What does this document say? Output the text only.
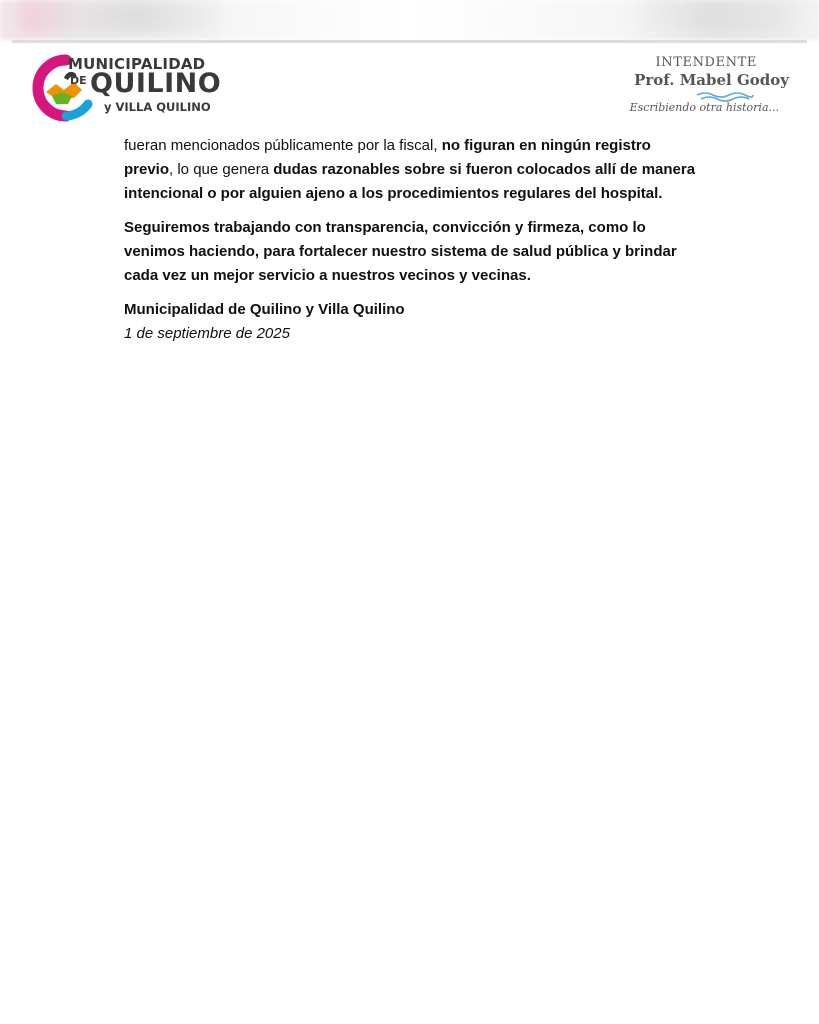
MUNICIPALIDAD
DE QUILINO
y VILLA QUILINO
INTENDENTE
Prof. Mabel Godoy
Escribiendo otra historia...

fueran mencionados públicamente por la fiscal, no figuran en ningún registro previo, lo que genera dudas razonables sobre si fueron colocados allí de manera intencional o por alguien ajeno a los procedimientos regulares del hospital.

Seguiremos trabajando con transparencia, convicción y firmeza, como lo venimos haciendo, para fortalecer nuestro sistema de salud pública y brindar cada vez un mejor servicio a nuestros vecinos y vecinas.

Municipalidad de Quilino y Villa Quilino
1 de septiembre de 2025
